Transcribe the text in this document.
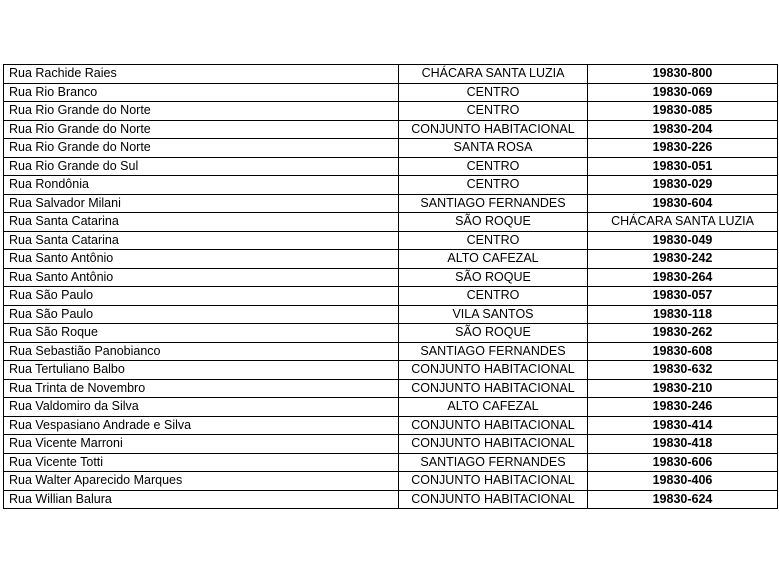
Rua Rachide Raies	CHÁCARA SANTA LUZIA	19830-800
Rua Rio Branco	CENTRO	19830-069
Rua Rio Grande do Norte	CENTRO	19830-085
Rua Rio Grande do Norte	CONJUNTO HABITACIONAL	19830-204
Rua Rio Grande do Norte	SANTA ROSA	19830-226
Rua Rio Grande do Sul	CENTRO	19830-051
Rua Rondônia	CENTRO	19830-029
Rua Salvador Milani	SANTIAGO FERNANDES	19830-604
Rua Santa Catarina	SÃO ROQUE	CHÁCARA SANTA LUZIA
Rua Santa Catarina	CENTRO	19830-049
Rua Santo Antônio	ALTO CAFEZAL	19830-242
Rua Santo Antônio	SÃO ROQUE	19830-264
Rua São Paulo	CENTRO	19830-057
Rua São Paulo	VILA SANTOS	19830-118
Rua São Roque	SÃO ROQUE	19830-262
Rua Sebastião Panobianco	SANTIAGO FERNANDES	19830-608
Rua Tertuliano Balbo	CONJUNTO HABITACIONAL	19830-632
Rua Trinta de Novembro	CONJUNTO HABITACIONAL	19830-210
Rua Valdomiro da Silva	ALTO CAFEZAL	19830-246
Rua Vespasiano Andrade e Silva	CONJUNTO HABITACIONAL	19830-414
Rua Vicente Marroni	CONJUNTO HABITACIONAL	19830-418
Rua Vicente Totti	SANTIAGO FERNANDES	19830-606
Rua Walter Aparecido Marques	CONJUNTO HABITACIONAL	19830-406
Rua Willian Balura	CONJUNTO HABITACIONAL	19830-624
